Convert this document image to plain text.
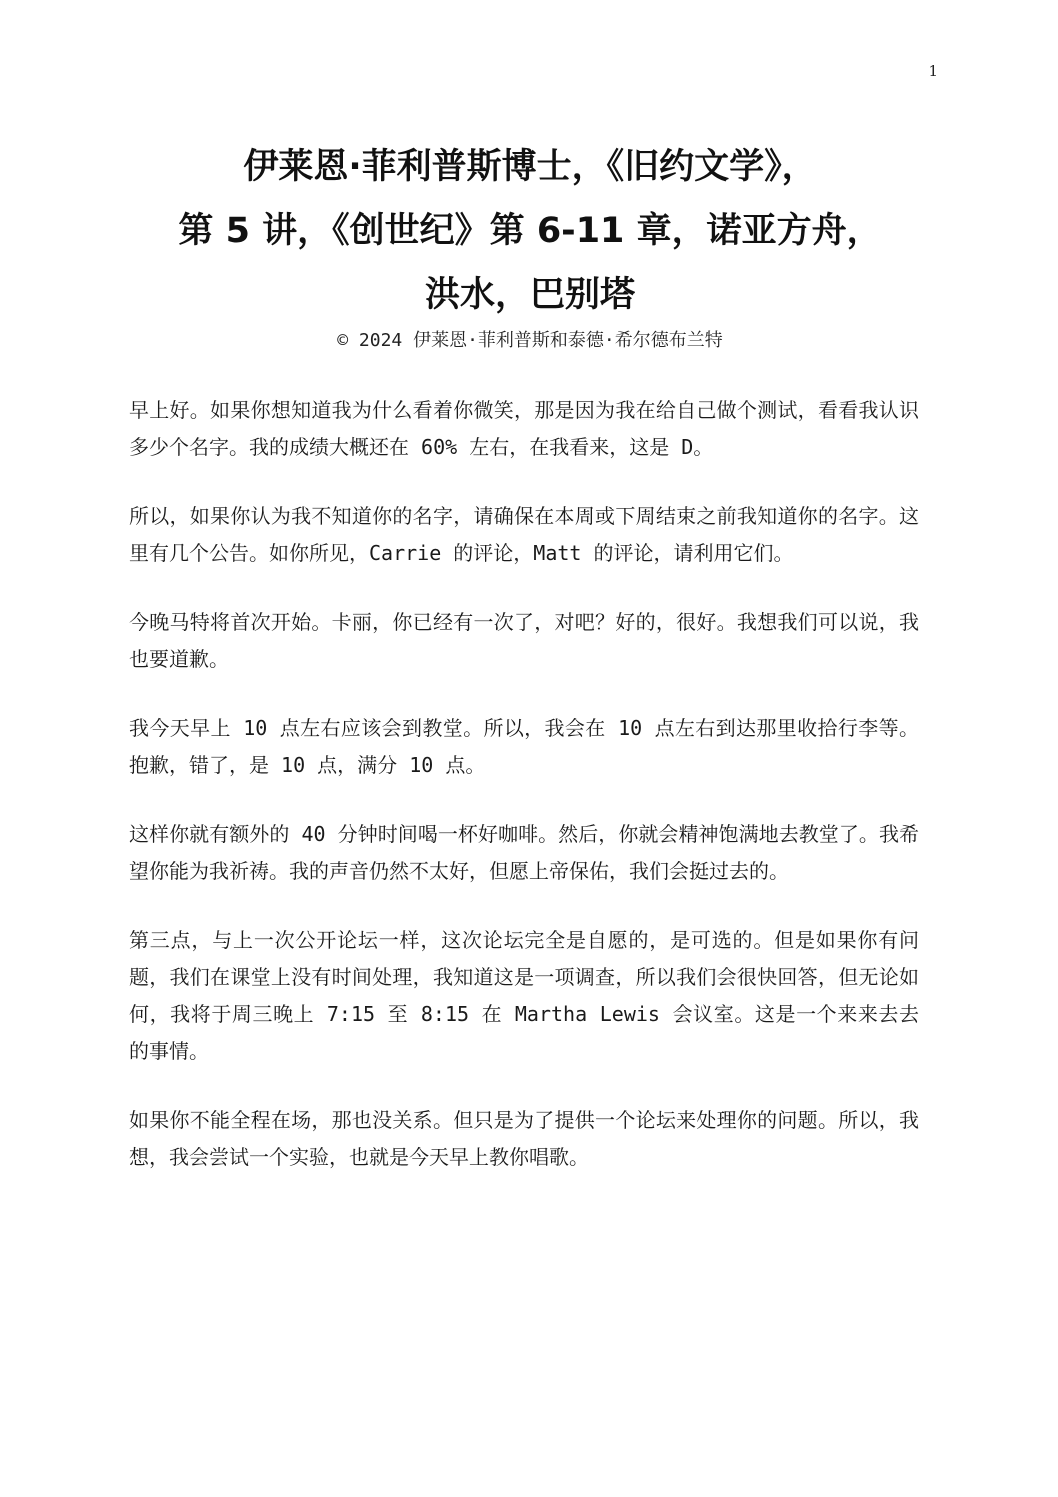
1
伊莱恩·菲利普斯博士，《旧约文学》，
第 5 讲，《创世纪》第 6-11 章，诺亚方舟，
洪水，巴别塔
© 2024 伊莱恩·菲利普斯和泰德·希尔德布兰特

早上好。如果你想知道我为什么看着你微笑，那是因为我在给自己做个测试，看看我认识多少个名字。我的成绩大概还在 60% 左右，在我看来，这是 D。

所以，如果你认为我不知道你的名字，请确保在本周或下周结束之前我知道你的名字。这里有几个公告。如你所见，Carrie 的评论，Matt 的评论，请利用它们。

今晚马特将首次开始。卡丽，你已经有一次了，对吧？好的，很好。我想我们可以说，我也要道歉。

我今天早上 10 点左右应该会到教堂。所以，我会在 10 点左右到达那里收拾行李等。抱歉，错了，是 10 点，满分 10 点。

这样你就有额外的 40 分钟时间喝一杯好咖啡。然后，你就会精神饱满地去教堂了。我希望你能为我祈祷。我的声音仍然不太好，但愿上帝保佑，我们会挺过去的。

第三点，与上一次公开论坛一样，这次论坛完全是自愿的，是可选的。但是如果你有问题，我们在课堂上没有时间处理，我知道这是一项调查，所以我们会很快回答，但无论如何，我将于周三晚上 7:15 至 8:15 在 Martha Lewis 会议室。这是一个来来去去的事情。

如果你不能全程在场，那也没关系。但只是为了提供一个论坛来处理你的问题。所以，我想，我会尝试一个实验，也就是今天早上教你唱歌。
